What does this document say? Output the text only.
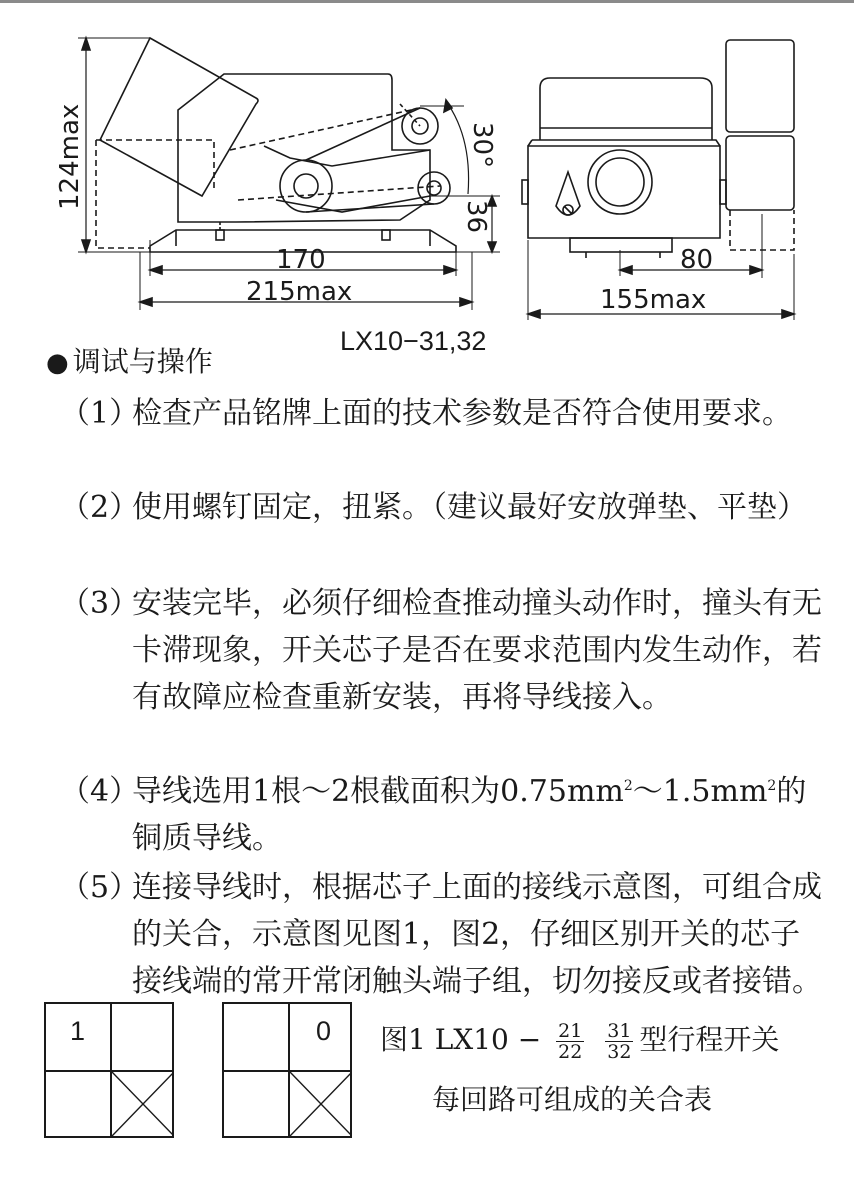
124max	30°
36
170
215max
80
155max
LX10−31,32
● 调试与操作
（1）
检查产品铭牌上面的技术参数是否符合使用要求。
（2）
使用螺钉固定，扭紧。（建议最好安放弹垫、平垫）
（3）
安装完毕，必须仔细检查推动撞头动作时，撞头有无卡滞现象，开关芯子是否在要求范围内发生动作，若有故障应检查重新安装，再将导线接入。
（4）
导线选用1根～2根截面积为$0.75mm^2\sim 1.5mm^2$的铜质导线。
（5）
连接导线时，根据芯子上面的接线示意图，可组合成的关合，示意图见图1，图2，仔细区别开关的芯子接线端的常开常闭触头端子组，切勿接反或者接错。
1	0 图1 $LX10 - \frac{21}{22}$
$\frac{31}{32}$ 型行程开关
每回路可组成的关合表
